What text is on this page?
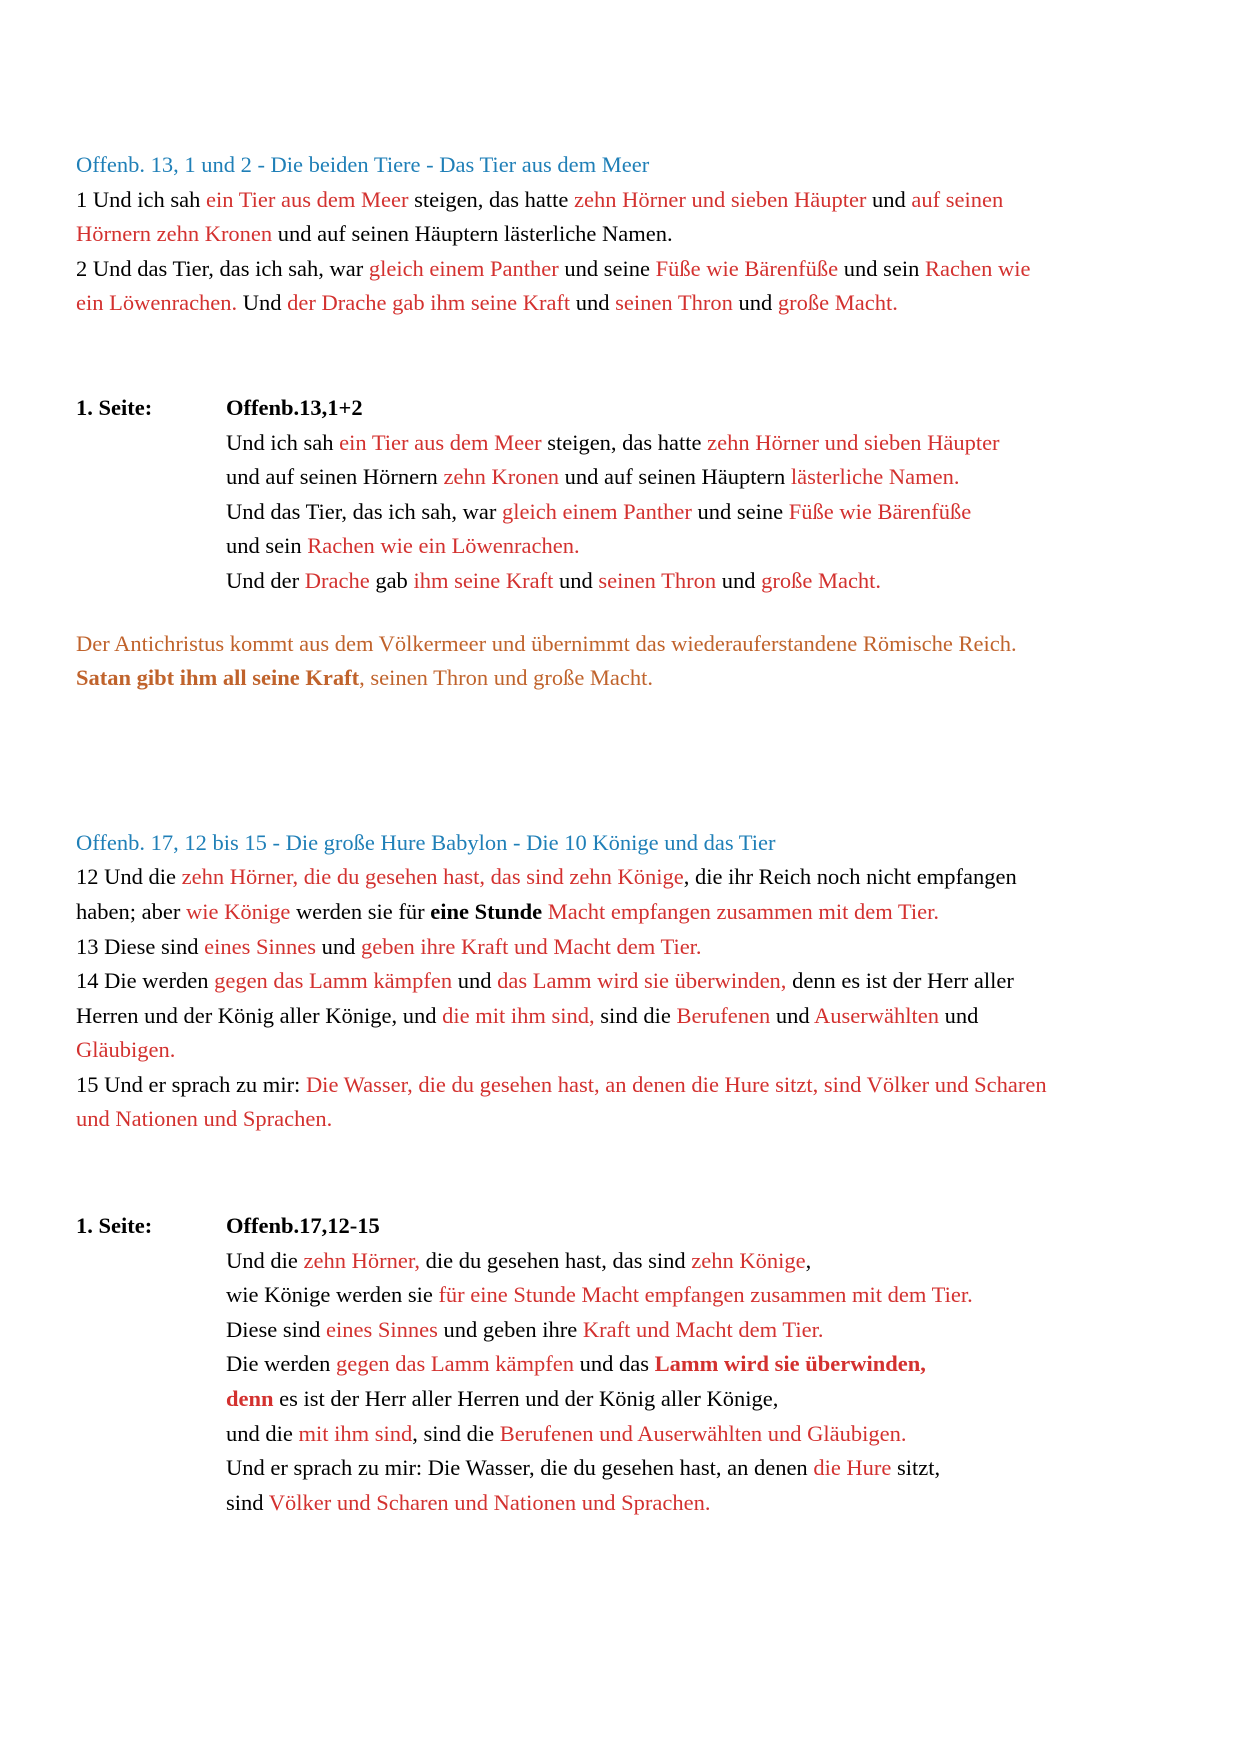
Offenb. 13, 1 und 2 - Die beiden Tiere - Das Tier aus dem Meer
1 Und ich sah ein Tier aus dem Meer steigen, das hatte zehn Hörner und sieben Häupter und auf seinen
Hörnern zehn Kronen und auf seinen Häuptern lästerliche Namen.
2 Und das Tier, das ich sah, war gleich einem Panther und seine Füße wie Bärenfüße und sein Rachen wie
ein Löwenrachen. Und der Drache gab ihm seine Kraft und seinen Thron und große Macht.
1. Seite:	Offenb.13,1+2
Und ich sah ein Tier aus dem Meer steigen, das hatte zehn Hörner und sieben Häupter
und auf seinen Hörnern zehn Kronen und auf seinen Häuptern lästerliche Namen.
Und das Tier, das ich sah, war gleich einem Panther und seine Füße wie Bärenfüße
und sein Rachen wie ein Löwenrachen.
Und der Drache gab ihm seine Kraft und seinen Thron und große Macht.
Der Antichristus kommt aus dem Völkermeer und übernimmt das wiederauferstandene Römische Reich.
Satan gibt ihm all seine Kraft, seinen Thron und große Macht.
Offenb. 17, 12 bis 15 - Die große Hure Babylon - Die 10 Könige und das Tier
12 Und die zehn Hörner, die du gesehen hast, das sind zehn Könige, die ihr Reich noch nicht empfangen
haben; aber wie Könige werden sie für eine Stunde Macht empfangen zusammen mit dem Tier.
13 Diese sind eines Sinnes und geben ihre Kraft und Macht dem Tier.
14 Die werden gegen das Lamm kämpfen und das Lamm wird sie überwinden, denn es ist der Herr aller
Herren und der König aller Könige, und die mit ihm sind, sind die Berufenen und Auserwählten und
Gläubigen.
15 Und er sprach zu mir: Die Wasser, die du gesehen hast, an denen die Hure sitzt, sind Völker und Scharen
und Nationen und Sprachen.
1. Seite:	Offenb.17,12-15
Und die zehn Hörner, die du gesehen hast, das sind zehn Könige,
wie Könige werden sie für eine Stunde Macht empfangen zusammen mit dem Tier.
Diese sind eines Sinnes und geben ihre Kraft und Macht dem Tier.
Die werden gegen das Lamm kämpfen und das Lamm wird sie überwinden,
denn es ist der Herr aller Herren und der König aller Könige,
und die mit ihm sind, sind die Berufenen und Auserwählten und Gläubigen.
Und er sprach zu mir: Die Wasser, die du gesehen hast, an denen die Hure sitzt,
sind Völker und Scharen und Nationen und Sprachen.
